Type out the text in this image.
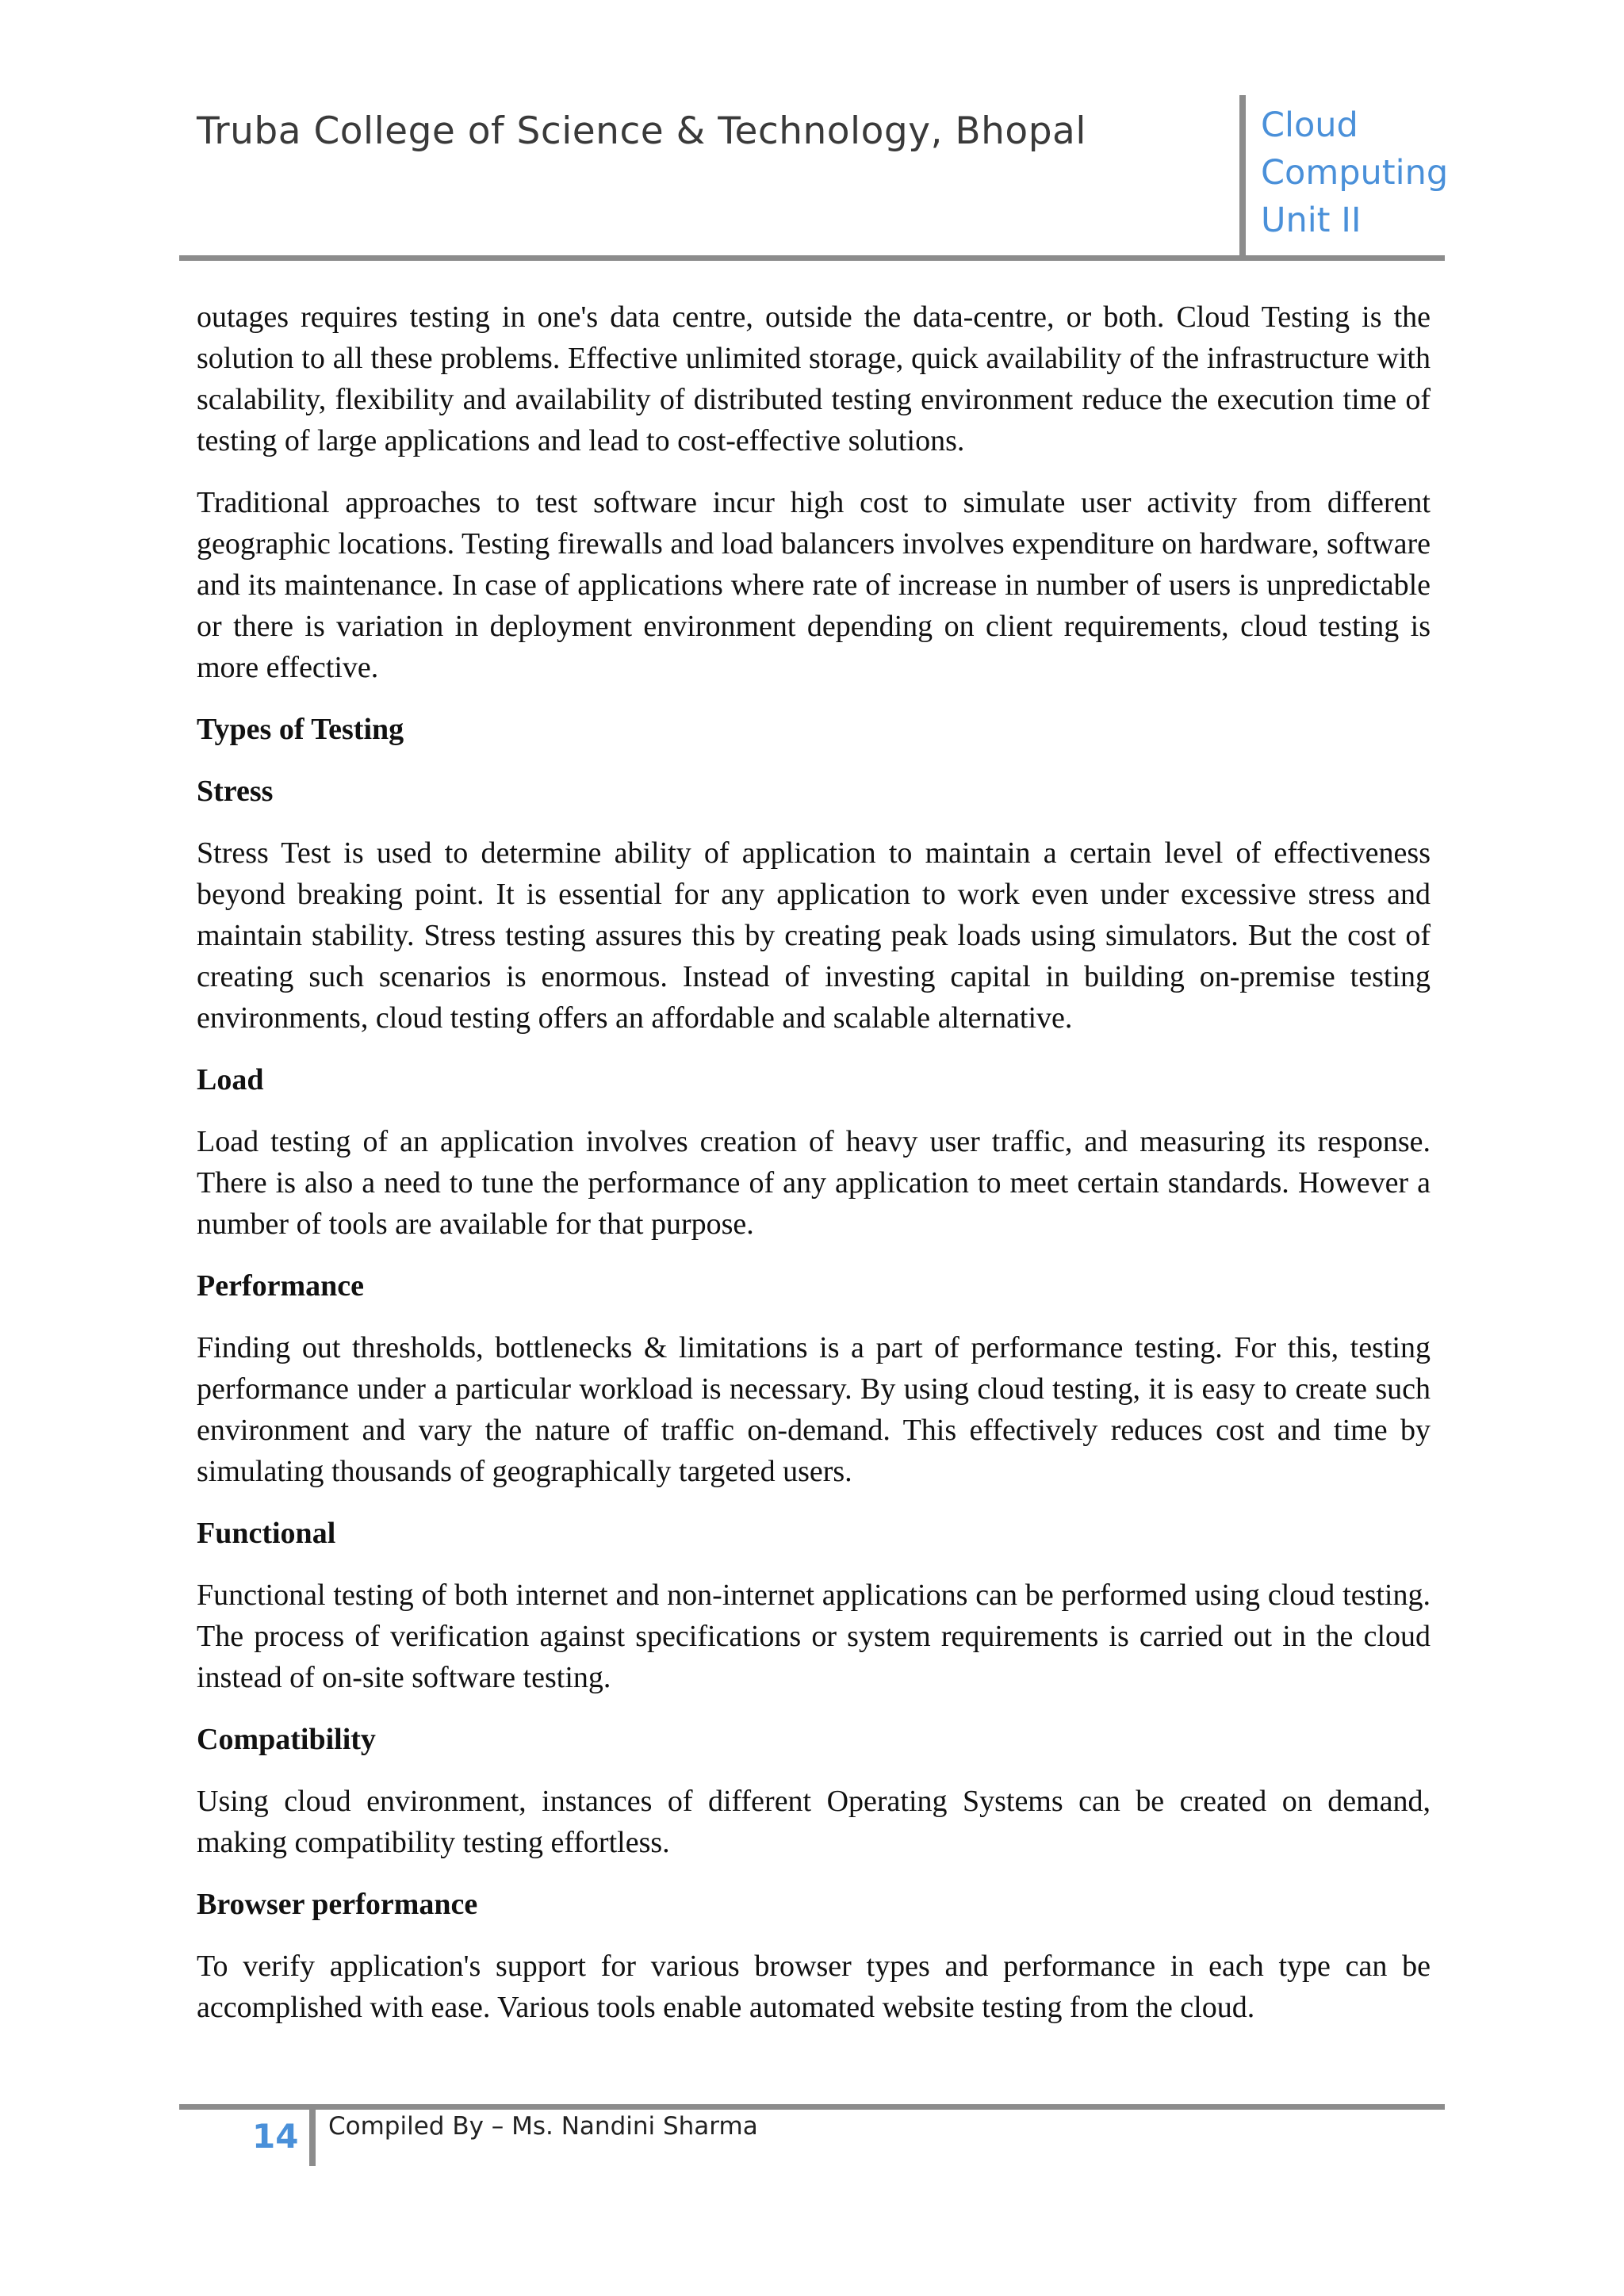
Truba College of Science & Technology, Bhopal	Cloud
Computing
Unit II

outages requires testing in one's data centre, outside the data-centre, or both. Cloud Testing is the solution to all these problems. Effective unlimited storage, quick availability of the infrastructure with scalability, flexibility and availability of distributed testing environment reduce the execution time of testing of large applications and lead to cost-effective solutions.

Traditional approaches to test software incur high cost to simulate user activity from different geographic locations. Testing firewalls and load balancers involves expenditure on hardware, software and its maintenance. In case of applications where rate of increase in number of users is unpredictable or there is variation in deployment environment depending on client requirements, cloud testing is more effective.

Types of Testing
Stress

Stress Test is used to determine ability of application to maintain a certain level of effectiveness beyond breaking point. It is essential for any application to work even under excessive stress and maintain stability. Stress testing assures this by creating peak loads using simulators. But the cost of creating such scenarios is enormous. Instead of investing capital in building on-premise testing environments, cloud testing offers an affordable and scalable alternative.

Load

Load testing of an application involves creation of heavy user traffic, and measuring its response. There is also a need to tune the performance of any application to meet certain standards. However a number of tools are available for that purpose.

Performance

Finding out thresholds, bottlenecks & limitations is a part of performance testing. For this, testing performance under a particular workload is necessary. By using cloud testing, it is easy to create such environment and vary the nature of traffic on-demand. This effectively reduces cost and time by simulating thousands of geographically targeted users.

Functional

Functional testing of both internet and non-internet applications can be performed using cloud testing. The process of verification against specifications or system requirements is carried out in the cloud instead of on-site software testing.

Compatibility

Using cloud environment, instances of different Operating Systems can be created on demand, making compatibility testing effortless.

Browser performance

To verify application's support for various browser types and performance in each type can be accomplished with ease. Various tools enable automated website testing from the cloud.

14 Compiled By – Ms. Nandini Sharma
